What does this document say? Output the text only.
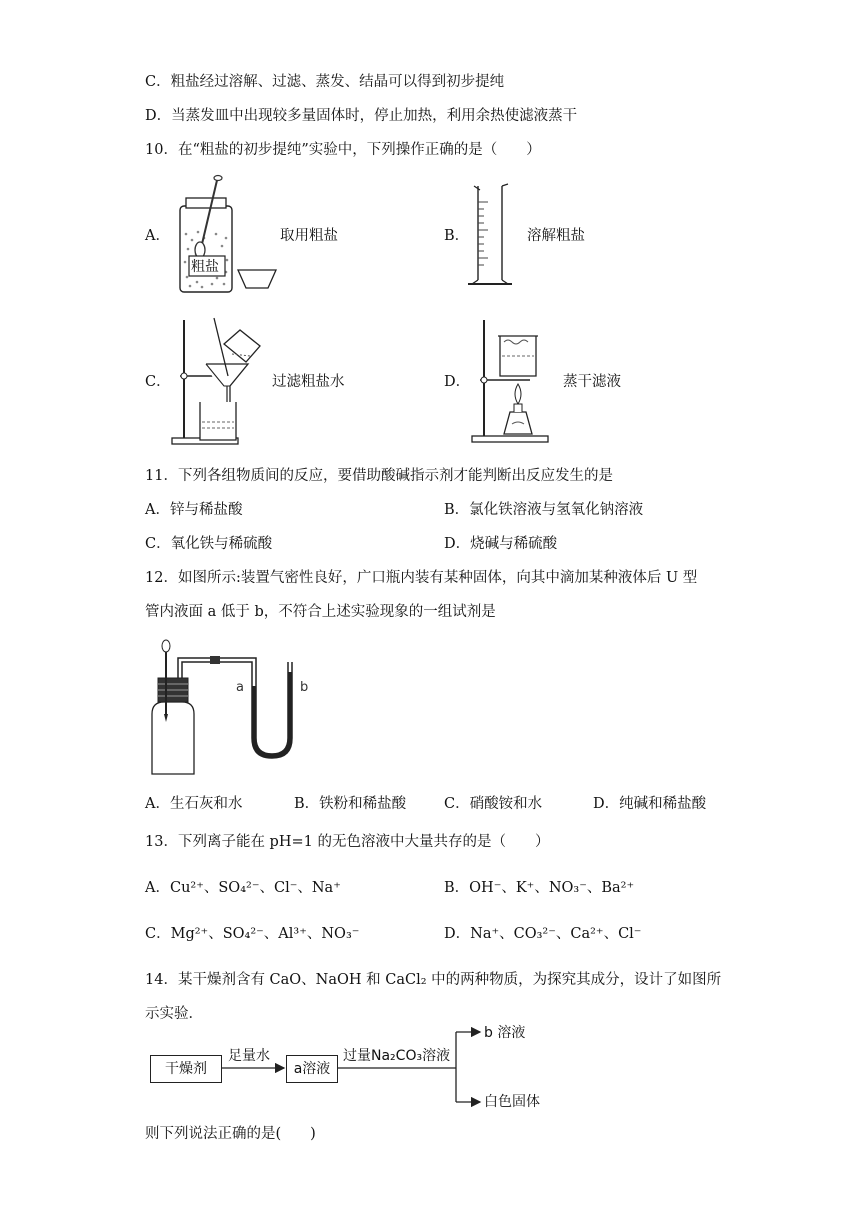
C．粗盐经过溶解、过滤、蒸发、结晶可以得到初步提纯
D．当蒸发皿中出现较多量固体时，停止加热，利用余热使滤液蒸干
10．在“粗盐的初步提纯”实验中，下列操作正确的是（　　）
A．
粗盐
取用粗盐	B．	溶解粗盐
C．	过滤粗盐水	D．	蒸干滤液
11．下列各组物质间的反应，要借助酸碱指示剂才能判断出反应发生的是
A．锌与稀盐酸	B．氯化铁溶液与氢氧化钠溶液
C．氧化铁与稀硫酸	D．烧碱与稀硫酸
12．如图所示:装置气密性良好，广口瓶内装有某种固体，向其中滴加某种液体后 U 型
管内液面 a 低于 b，不符合上述实验现象的一组试剂是
a	b
A．生石灰和水	B．铁粉和稀盐酸	C．硝酸铵和水	D．纯碱和稀盐酸
13．下列离子能在 pH=1 的无色溶液中大量共存的是（　　）
A．Cu²⁺、SO₄²⁻、Cl⁻、Na⁺	B．OH⁻、K⁺、NO₃⁻、Ba²⁺
C．Mg²⁺、SO₄²⁻、Al³⁺、NO₃⁻	D．Na⁺、CO₃²⁻、Ca²⁺、Cl⁻
14．某干燥剂含有 CaO、NaOH 和 CaCl₂ 中的两种物质，为探究其成分，设计了如图所
示实验．
干燥剂
足量水
a溶液
过量Na₂CO₃溶液
b 溶液
白色固体
则下列说法正确的是(　　)
